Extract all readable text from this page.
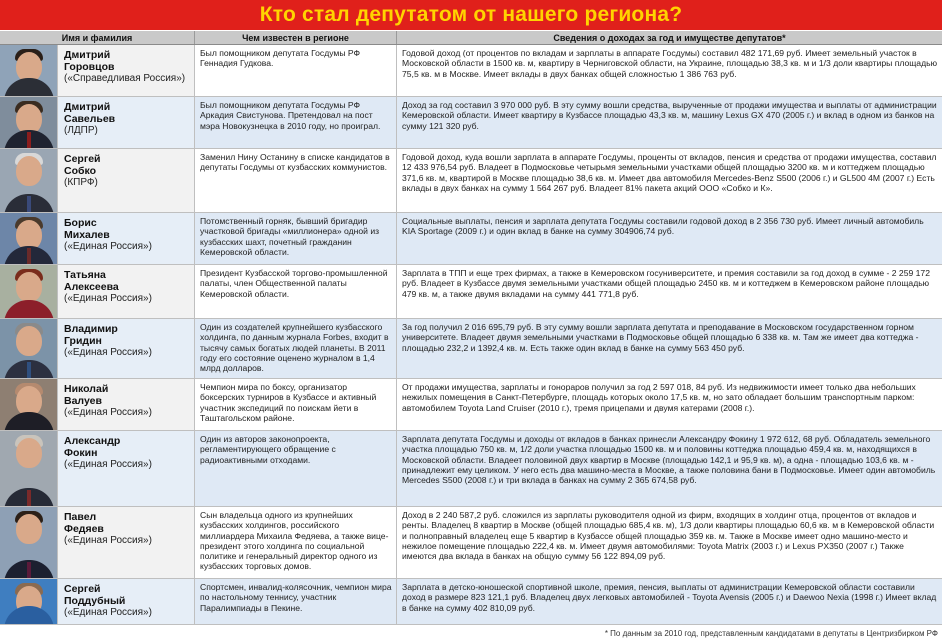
Кто стал депутатом от нашего региона?
Имя и фамилия	Чем известен в регионе	Сведения о доходах за год и имуществе депутатов*
Дмитрий
Горовцов
(«Справедливая Россия»)
Был помощником депутата Госдумы РФ Геннадия Гудкова.
Годовой доход (от процентов по вкладам и зарплаты в аппарате Госдумы) составил 482 171,69 руб. Имеет земельный участок в Московской области в 1500 кв. м, квартиру в Черниговской области, на Украине, площадью 38,3 кв. м и 1/3 доли квартиры площадью 75,5 кв. м в Москве. Имеет вклады в двух банках общей сложностью 1 386 763 руб.
Дмитрий
Савельев
(ЛДПР)
Был помощником депутата Госдумы РФ Аркадия Свистунова. Претендовал на пост мэра Новокузнецка в 2010 году, но проиграл.
Доход за год составил 3 970 000 руб. В эту сумму вошли средства, вырученные от продажи имущества и выплаты от администрации Кемеровской области. Имеет квартиру в Кузбассе площадью 43,3 кв. м, машину Lexus GX 470 (2005 г.) и вклад в одном из банков на сумму 121 320 руб.
Сергей
Собко
(КПРФ)
Заменил Нину Останину в списке кандидатов в депутаты Госдумы от кузбасских коммунистов.
Годовой доход, куда вошли зарплата в аппарате Госдумы, проценты от вкладов, пенсия и средства от продажи имущества, составил 12 433 976,54 руб. Владеет в Подмосковье четырьмя земельными участками общей площадью 3200 кв. м и коттеджем площадью 371,6 кв. м, квартирой в Москве площадью 38,6 кв. м. Имеет два автомобиля Mercedes-Benz S500 (2006 г.) и GL500 4M (2007 г.) Есть вклады в двух банках на сумму 1 564 267 руб. Владеет 81% пакета акций ООО «Собко и К».
Борис
Михалев
(«Единая Россия»)
Потомственный горняк, бывший бригадир участковой бригады «миллионера» одной из кузбасских шахт, почетный гражданин Кемеровской области.
Социальные выплаты, пенсия и зарплата депутата Госдумы составили годовой доход в 2 356 730 руб. Имеет личный автомобиль KIA Sportage (2009 г.) и один вклад в банке на сумму 304906,74 руб.
Татьяна
Алексеева
(«Единая Россия»)
Президент Кузбасской торгово-промышленной палаты, член Общественной палаты Кемеровской области.
Зарплата в ТПП и еще трех фирмах, а также в Кемеровском госуниверситете, и премия составили за год доход в сумме - 2 259 172 руб. Владеет в Кузбассе двумя земельными участками общей площадью 2450 кв. м и коттеджем в Кемеровском районе площадью 479 кв. м, а также двумя вкладами на сумму 441 771,8 руб.
Владимир
Гридин
(«Единая Россия»)
Один из создателей крупнейшего кузбасского холдинга, по данным журнала Forbes, входит в тысячу самых богатых людей планеты. В 2011 году его состояние оценено журналом в 1,4 млрд долларов.
За год получил 2 016 695,79 руб. В эту сумму вошли зарплата депутата и преподавание в Московском государственном горном университете. Владеет двумя земельными участками в Подмосковье общей площадью 6 338 кв. м. Там же имеет два коттеджа - площадью 232,2 и 1392,4 кв. м. Есть также один вклад в банке на сумму 563 450 руб.
Николай
Валуев
(«Единая Россия»)
Чемпион мира по боксу, организатор боксерских турниров в Кузбассе и активный участник экспедиций по поискам йети в Таштагольском районе.
От продажи имущества, зарплаты и гонораров получил за год 2 597 018, 84 руб. Из недвижимости имеет только два небольших нежилых помещения в Санкт-Петербурге, площадь которых около 17,5 кв. м, но зато обладает большим транспортным парком: автомобилем Toyota Land Cruiser (2010 г.), тремя прицепами и двумя катерами (2008 г.).
Александр
Фокин
(«Единая Россия»)
Один из авторов законопроекта, регламентирующего обращение с радиоактивными отходами.
Зарплата депутата Госдумы и доходы от вкладов в банках принесли Александру Фокину 1 972 612, 68 руб. Обладатель земельного участка площадью 750 кв. м, 1/2 доли участка площадью 1500 кв. м и половины коттеджа площадью 459,4 кв. м, находящихся в Московской области. Владеет половиной двух квартир в Москве (площадью 142,1 и 95,9 кв. м), а одна - площадью 103,6 кв. м - принадлежит ему целиком. У него есть два машино-места в Москве, а также половина бани в Подмосковье. Имеет один автомобиль Mercedes S500 (2008 г.) и три вклада в банках на сумму 2 365 674,58 руб.
Павел
Федяев
(«Единая Россия»)
Сын владельца одного из крупнейших кузбасских холдингов, российского миллиардера Михаила Федяева, а также вице-президент этого холдинга по социальной политике и генеральный директор одного из кузбасских торговых домов.
Доход в 2 240 587,2 руб. сложился из зарплаты руководителя одной из фирм, входящих в холдинг отца, процентов от вкладов и ренты. Владелец 8 квартир в Москве (общей площадью 685,4 кв. м), 1/3 доли квартиры площадью 60,6 кв. м в Кемеровской области и полноправный владелец еще 5 квартир в Кузбассе общей площадью 359 кв. м. Также в Москве имеет одно машино-место и нежилое помещение площадью 222,4 кв. м. Имеет двумя автомобилями: Toyota Matrix (2003 г.) и Lexus PX350 (2007 г.) Также имеются два вклада в банках на общую сумму 56 122 894,09 руб.
Сергей
Поддубный
(«Единая Россия»)
Спортсмен, инвалид-колясочник, чемпион мира по настольному теннису, участник Паралимпиады в Пекине.
Зарплата в детско-юношеской спортивной школе, премия, пенсия, выплаты от администрации Кемеровской области составили доход в размере 823 121,1 руб. Владелец двух легковых автомобилей - Toyota Avensis (2005 г.) и Daewoo Nexia (1998 г.) Имеет вклад в банке на сумму 402 810,09 руб.
* По данным за 2010 год, представленным кандидатами в депутаты в Центризбирком РФ
